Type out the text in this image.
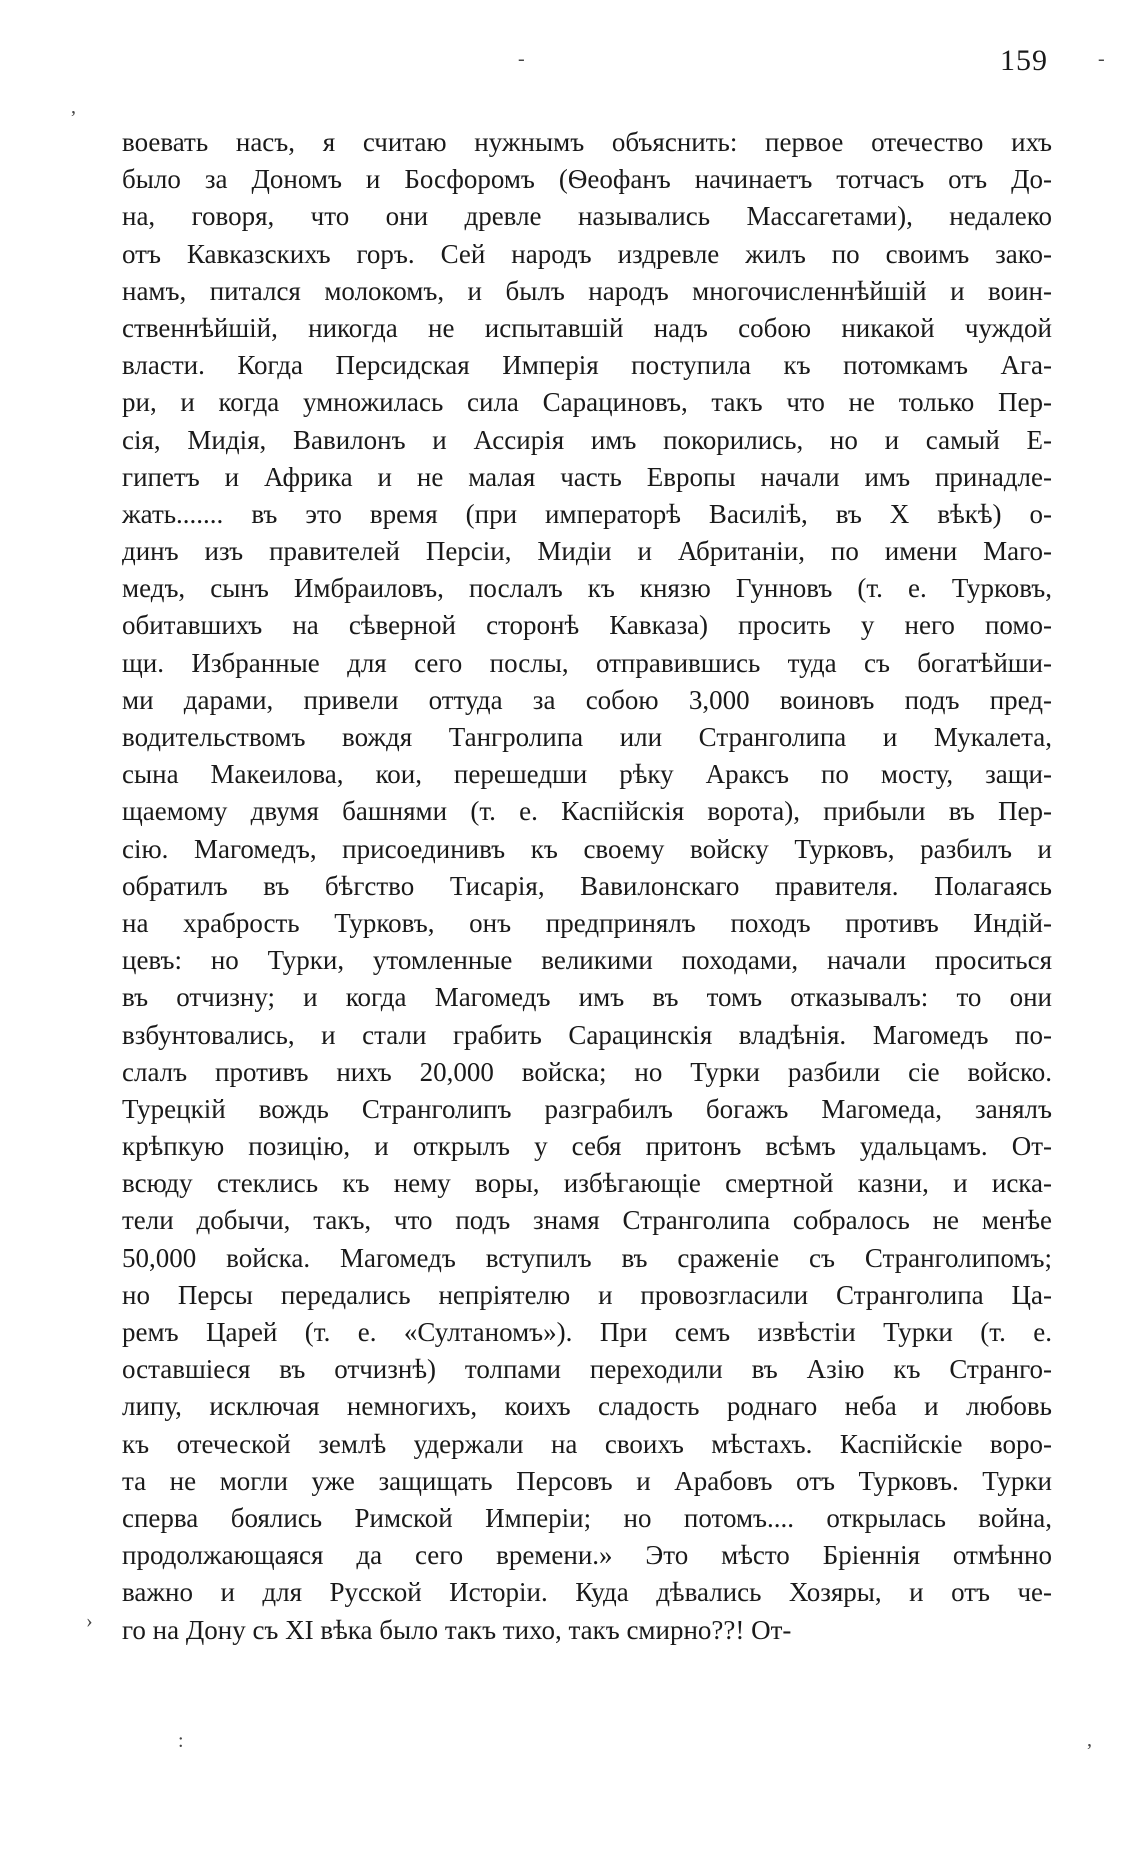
159
-	-
‚
›
:	’
воевать насъ, я считаю нужнымъ объяснить: первое отечество ихъ
было за Дономъ и Босфоромъ (Ѳеофанъ начинаетъ тотчасъ отъ До-
на, говоря, что они древле назывались Массагетами), недалеко
отъ Кавказскихъ горъ. Сей народъ издревле жилъ по своимъ зако-
намъ, питался молокомъ, и былъ народъ многочисленнѣйшій и воин-
ственнѣйшій, никогда не испытавшій надъ собою никакой чуждой
власти. Когда Персидская Имперія поступила къ потомкамъ Ага-
ри, и когда умножилась сила Сарациновъ, такъ что не только Пер-
сія, Мидія, Вавилонъ и Ассирія имъ покорились, но и самый Е-
гипетъ и Африка и не малая часть Европы начали имъ принадле-
жать....... въ это время (при императорѣ Василіѣ, въ X вѣкѣ) о-
динъ изъ правителей Персіи, Мидіи и Абританіи, по имени Маго-
медъ, сынъ Имбраиловъ, послалъ къ князю Гунновъ (т. е. Турковъ,
обитавшихъ на сѣверной сторонѣ Кавказа) просить у него помо-
щи. Избранные для сего послы, отправившись туда съ богатѣйши-
ми дарами, привели оттуда за собою 3,000 воиновъ подъ пред-
водительствомъ вождя Тангролипа или Странголипа и Мукалета,
сына Макеилова, кои, перешедши рѣку Араксъ по мосту, защи-
щаемому двумя башнями (т. е. Каспійскія ворота), прибыли въ Пер-
сію. Магомедъ, присоединивъ къ своему войску Турковъ, разбилъ и
обратилъ въ бѣгство Тисарія, Вавилонскаго правителя. Полагаясь
на храбрость Турковъ, онъ предпринялъ походъ противъ Индій-
цевъ: но Турки, утомленные великими походами, начали проситься
въ отчизну; и когда Магомедъ имъ въ томъ отказывалъ: то они
взбунтовались, и стали грабить Сарацинскія владѣнія. Магомедъ по-
слалъ противъ нихъ 20,000 войска; но Турки разбили сіе войско.
Турецкій вождь Странголипъ разграбилъ богажъ Магомеда, занялъ
крѣпкую позицію, и открылъ у себя притонъ всѣмъ удальцамъ. От-
всюду стеклись къ нему воры, избѣгающіе смертной казни, и иска-
тели добычи, такъ, что подъ знамя Странголипа собралось не менѣе
50,000 войска. Магомедъ вступилъ въ сраженіе съ Странголипомъ;
но Персы передались непріятелю и провозгласили Странголипа Ца-
ремъ Царей (т. е. «Султаномъ»). При семъ извѣстіи Турки (т. е.
оставшіеся въ отчизнѣ) толпами переходили въ Азію къ Странго-
липу, исключая немногихъ, коихъ сладость роднаго неба и любовь
къ отеческой землѣ удержали на своихъ мѣстахъ. Каспійскіе воро-
та не могли уже защищать Персовъ и Арабовъ отъ Турковъ. Турки
сперва боялись Римской Имперіи; но потомъ.... открылась война,
продолжающаяся да сего времени.» Это мѣсто Бріеннія отмѣнно
важно и для Русской Исторіи. Куда дѣвались Хозяры, и отъ че-
го на Дону съ XI вѣка было такъ тихо, такъ смирно??! От-
